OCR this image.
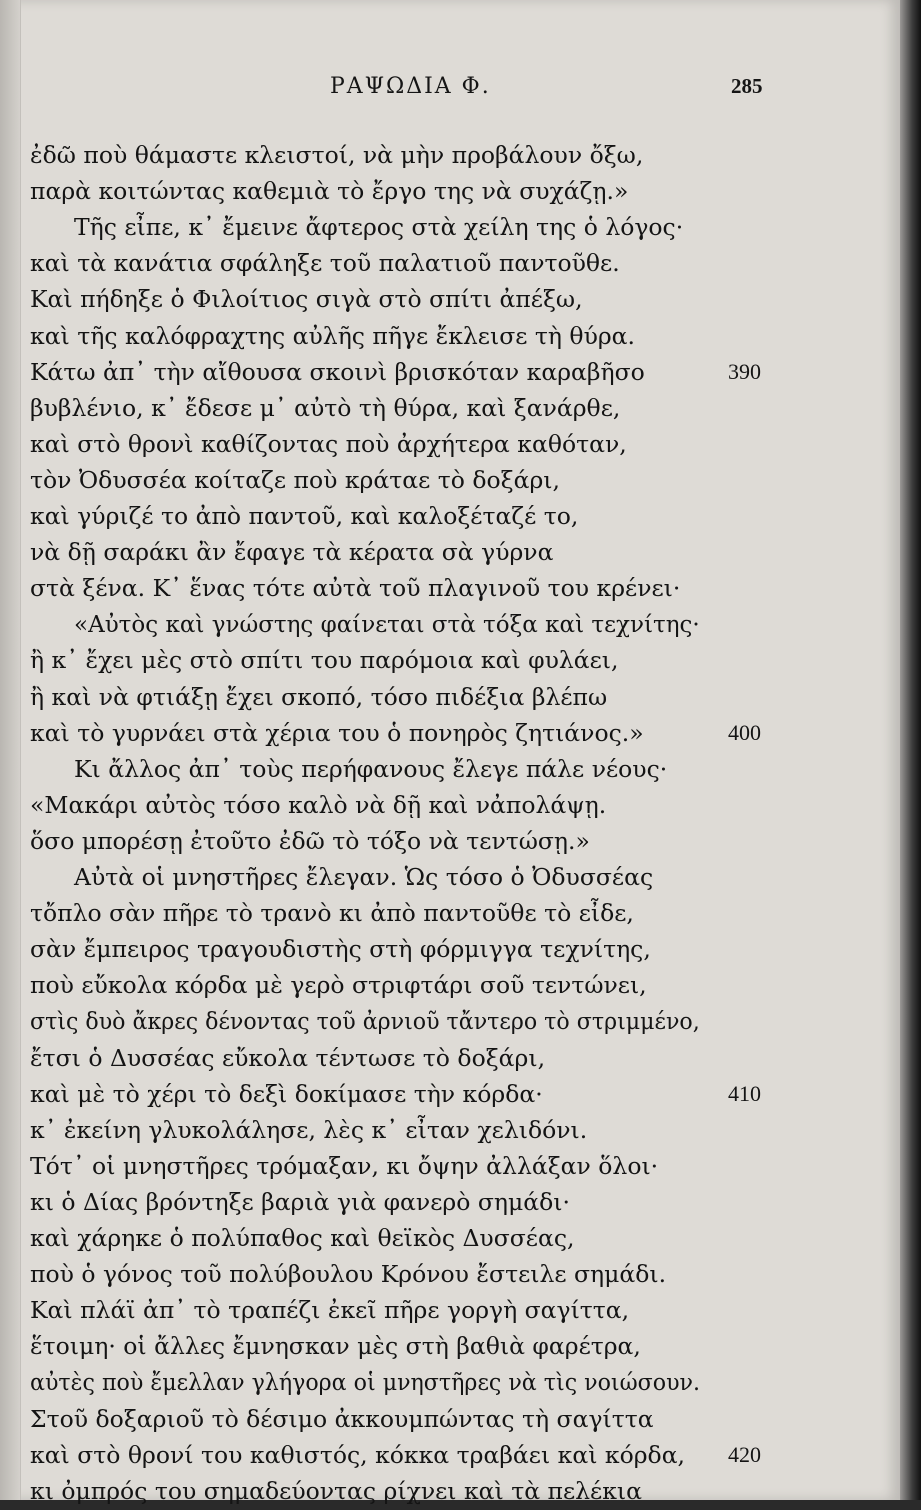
ΡΑΨΩΔΙΑ Φ.	285
ἐδῶ ποὺ θάμαστε κλειστοί, νὰ μὴν προβάλουν ὄξω,
παρὰ κοιτώντας καθεμιὰ τὸ ἔργο της νὰ συχάζῃ.»
Τῆς εἶπε, κ᾽ ἔμεινε ἄφτερος στὰ χείλη της ὁ λόγος·
καὶ τὰ κανάτια σφάληξε τοῦ παλατιοῦ παντοῦθε.
Καὶ πήδηξε ὁ Φιλοίτιος σιγὰ στὸ σπίτι ἀπέξω,
καὶ τῆς καλόφραχτης αὐλῆς πῆγε ἔκλεισε τὴ θύρα.
Κάτω ἀπ᾽ τὴν αἴθουσα σκοινὶ βρισκόταν καραβῆσο	390
βυβλένιο, κ᾽ ἔδεσε μ᾽ αὐτὸ τὴ θύρα, καὶ ξανάρθε,
καὶ στὸ θρονὶ καθίζοντας ποὺ ἀρχήτερα καθόταν,
τὸν Ὀδυσσέα κοίταζε ποὺ κράταε τὸ δοξάρι,
καὶ γύριζέ το ἀπὸ παντοῦ, καὶ καλοξέταζέ το,
νὰ δῇ σαράκι ἂν ἔφαγε τὰ κέρατα σὰ γύρνα
στὰ ξένα. Κ᾽ ἕνας τότε αὐτὰ τοῦ πλαγινοῦ του κρένει·
«Αὐτὸς καὶ γνώστης φαίνεται στὰ τόξα καὶ τεχνίτης·
ἢ κ᾽ ἔχει μὲς στὸ σπίτι του παρόμοια καὶ φυλάει,
ἢ καὶ νὰ φτιάξῃ ἔχει σκοπό, τόσο πιδέξια βλέπω
καὶ τὸ γυρνάει στὰ χέρια του ὁ πονηρὸς ζητιάνος.»	400
Κι ἄλλος ἀπ᾽ τοὺς περήφανους ἔλεγε πάλε νέους·
«Μακάρι αὐτὸς τόσο καλὸ νὰ δῇ καὶ νἀπολάψῃ.
ὅσο μπορέσῃ ἐτοῦτο ἐδῶ τὸ τόξο νὰ τεντώσῃ.»
Αὐτὰ οἱ μνηστῆρες ἔλεγαν. Ὡς τόσο ὁ Ὀδυσσέας
τὄπλο σὰν πῆρε τὸ τρανὸ κι ἀπὸ παντοῦθε τὸ εἶδε,
σὰν ἔμπειρος τραγουδιστὴς στὴ φόρμιγγα τεχνίτης,
ποὺ εὔκολα κόρδα μὲ γερὸ στριφτάρι σοῦ τεντώνει,
στὶς δυὸ ἄκρες δένοντας τοῦ ἀρνιοῦ τἄντερο τὸ στριμμένο,
ἔτσι ὁ Δυσσέας εὔκολα τέντωσε τὸ δοξάρι,
καὶ μὲ τὸ χέρι τὸ δεξὶ δοκίμασε τὴν κόρδα·	410
κ᾽ ἐκείνη γλυκολάλησε, λὲς κ᾽ εἶταν χελιδόνι.
Τότ᾽ οἱ μνηστῆρες τρόμαξαν, κι ὄψην ἀλλάξαν ὅλοι·
κι ὁ Δίας βρόντηξε βαριὰ γιὰ φανερὸ σημάδι·
καὶ χάρηκε ὁ πολύπαθος καὶ θεϊκὸς Δυσσέας,
ποὺ ὁ γόνος τοῦ πολύβουλου Κρόνου ἔστειλε σημάδι.
Καὶ πλάϊ ἀπ᾽ τὸ τραπέζι ἐκεῖ πῆρε γοργὴ σαγίττα,
ἕτοιμη· οἱ ἄλλες ἔμνησκαν μὲς στὴ βαθιὰ φαρέτρα,
αὐτὲς ποὺ ἔμελλαν γλήγορα οἱ μνηστῆρες νὰ τὶς νοιώσουν.
Στοῦ δοξαριοῦ τὸ δέσιμο ἀκκουμπώντας τὴ σαγίττα
καὶ στὸ θρονί του καθιστός, κόκκα τραβάει καὶ κόρδα, 420
κι ὀμπρός του σημαδεύοντας ρίχνει καὶ τὰ πελέκια
